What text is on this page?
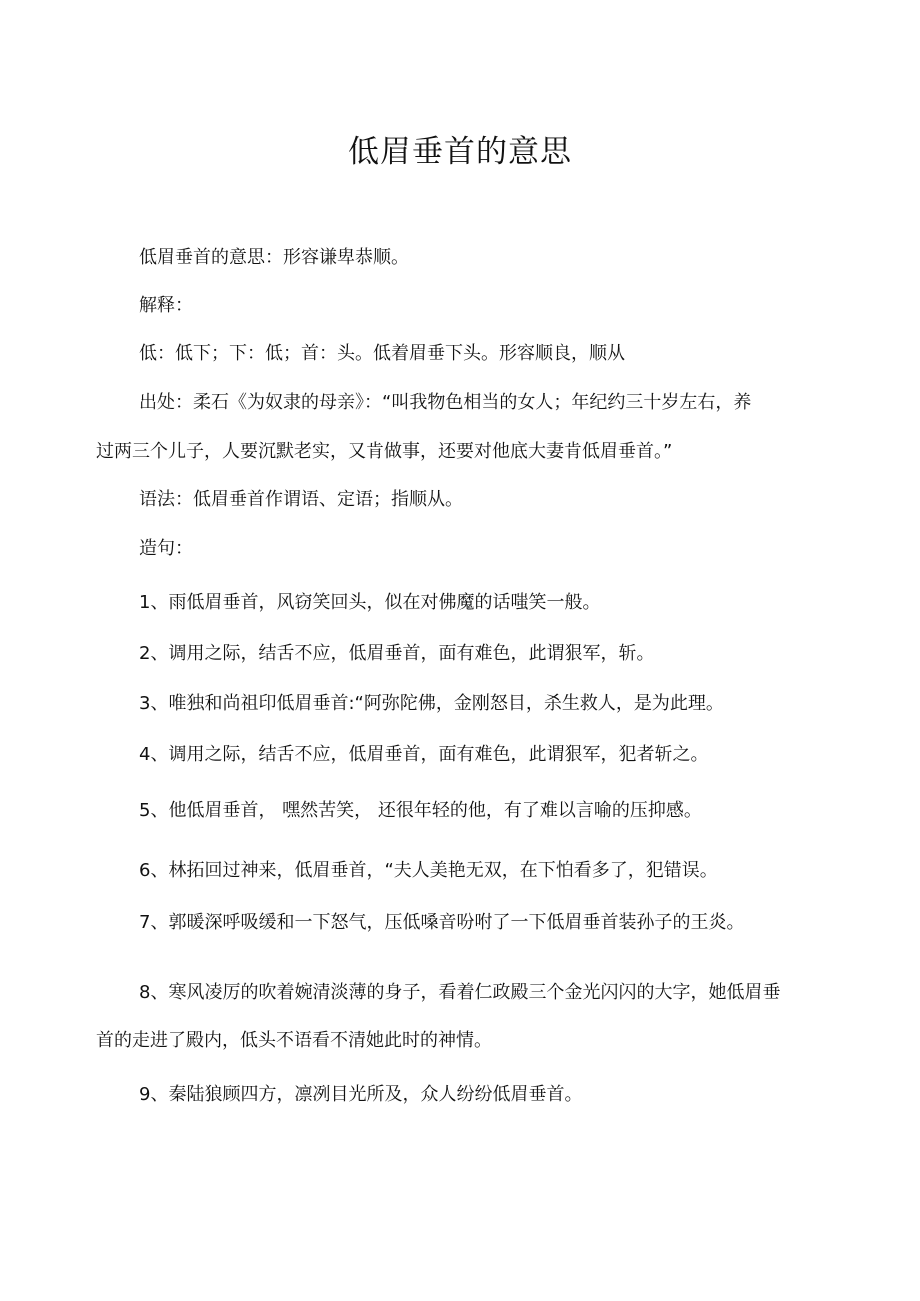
低眉垂首的意思
低眉垂首的意思：形容谦卑恭顺。
解释：
低：低下；下：低；首：头。低着眉垂下头。形容顺良，顺从
出处：柔石《为奴隶的母亲》：“叫我物色相当的女人；年纪约三十岁左右，养
过两三个儿子，人要沉默老实，又肯做事，还要对他底大妻肯低眉垂首。”
语法：低眉垂首作谓语、定语；指顺从。
造句：
1、雨低眉垂首，风窃笑回头，似在对佛魔的话嗤笑一般。
2、调用之际，结舌不应，低眉垂首，面有难色，此谓狠军，斩。
3、唯独和尚祖印低眉垂首:“阿弥陀佛，金刚怒目，杀生救人，是为此理。
4、调用之际，结舌不应，低眉垂首，面有难色，此谓狠军，犯者斩之。
5、他低眉垂首， 嘿然苦笑， 还很年轻的他，有了难以言喻的压抑感。
6、林拓回过神来，低眉垂首，“夫人美艳无双，在下怕看多了，犯错误。
7、郭暖深呼吸缓和一下怒气，压低嗓音吩咐了一下低眉垂首装孙子的王炎。
8、寒风凌厉的吹着婉清淡薄的身子，看着仁政殿三个金光闪闪的大字，她低眉垂
首的走进了殿内，低头不语看不清她此时的神情。
9、秦陆狼顾四方，凛冽目光所及，众人纷纷低眉垂首。
